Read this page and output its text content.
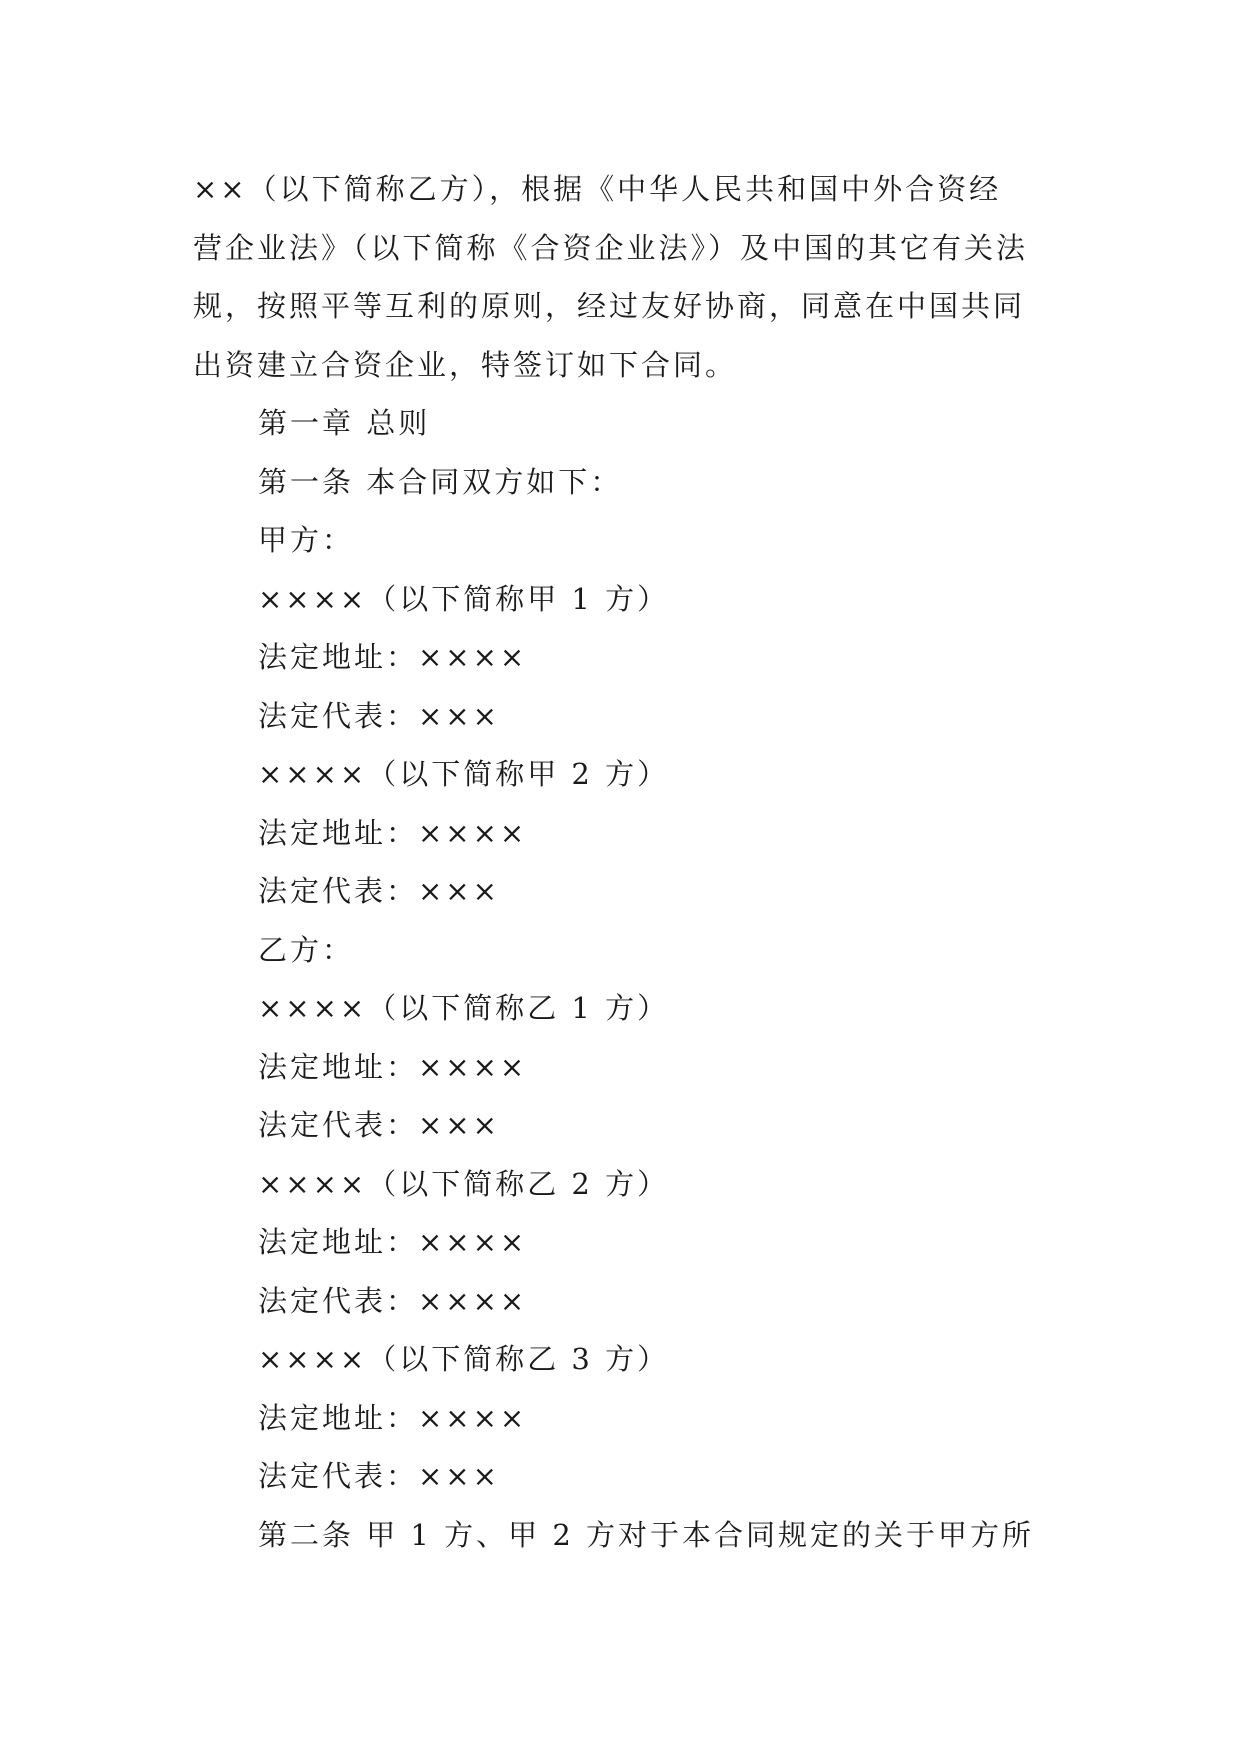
××（以下简称乙方），根据《中华人民共和国中外合资经

营企业法》（以下简称《合资企业法》）及中国的其它有关法

规，按照平等互利的原则，经过友好协商，同意在中国共同

出资建立合资企业，特签订如下合同。

第一章 总则

第一条 本合同双方如下：

甲方：

××××（以下简称甲 1 方）

法定地址：××××

法定代表：×××

××××（以下简称甲 2 方）

法定地址：××××

法定代表：×××

乙方：

××××（以下简称乙 1 方）

法定地址：××××

法定代表：×××

××××（以下简称乙 2 方）

法定地址：××××

法定代表：××××

××××（以下简称乙 3 方）

法定地址：××××

法定代表：×××

第二条 甲 1 方、甲 2 方对于本合同规定的关于甲方所
